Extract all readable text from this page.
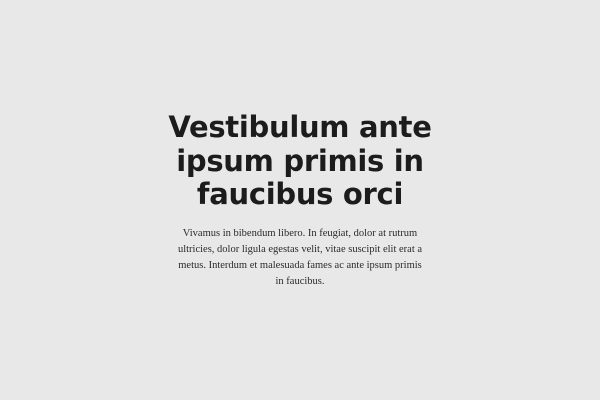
Vestibulum ante ipsum primis in faucibus orci

Vivamus in bibendum libero. In feugiat, dolor at rutrum ultricies, dolor ligula egestas velit, vitae suscipit elit erat a metus. Interdum et malesuada fames ac ante ipsum primis in faucibus.
